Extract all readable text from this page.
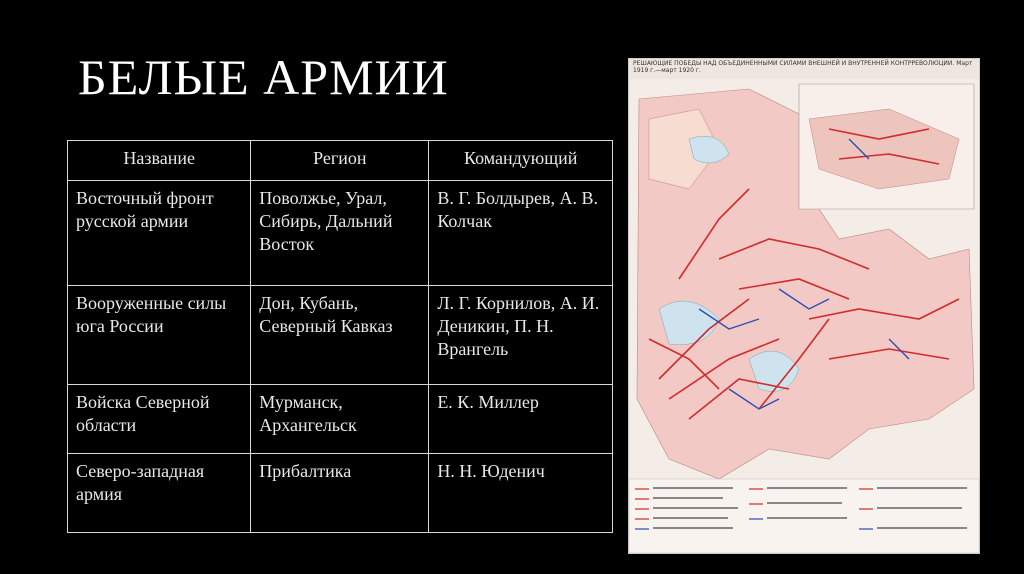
БЕЛЫЕ АРМИИ
Название	Регион	Командующий
Восточный фронт русской армии	Поволжье, Урал, Сибирь, Дальний Восток	В. Г. Болдырев, А. В. Колчак
Вооруженные силы юга России	Дон, Кубань, Северный Кавказ	Л. Г. Корнилов, А. И. Деникин, П. Н. Врангель
Войска Северной области	Мурманск, Архангельск	Е. К. Миллер
Северо-западная армия	Прибалтика	Н. Н. Юденич
РЕШАЮЩИЕ ПОБЕДЫ НАД ОБЪЕДИНЕННЫМИ СИЛАМИ ВНЕШНЕЙ И ВНУТРЕННЕЙ КОНТРРЕВОЛЮЦИИ. Март 1919 г.—март 1920 г.
